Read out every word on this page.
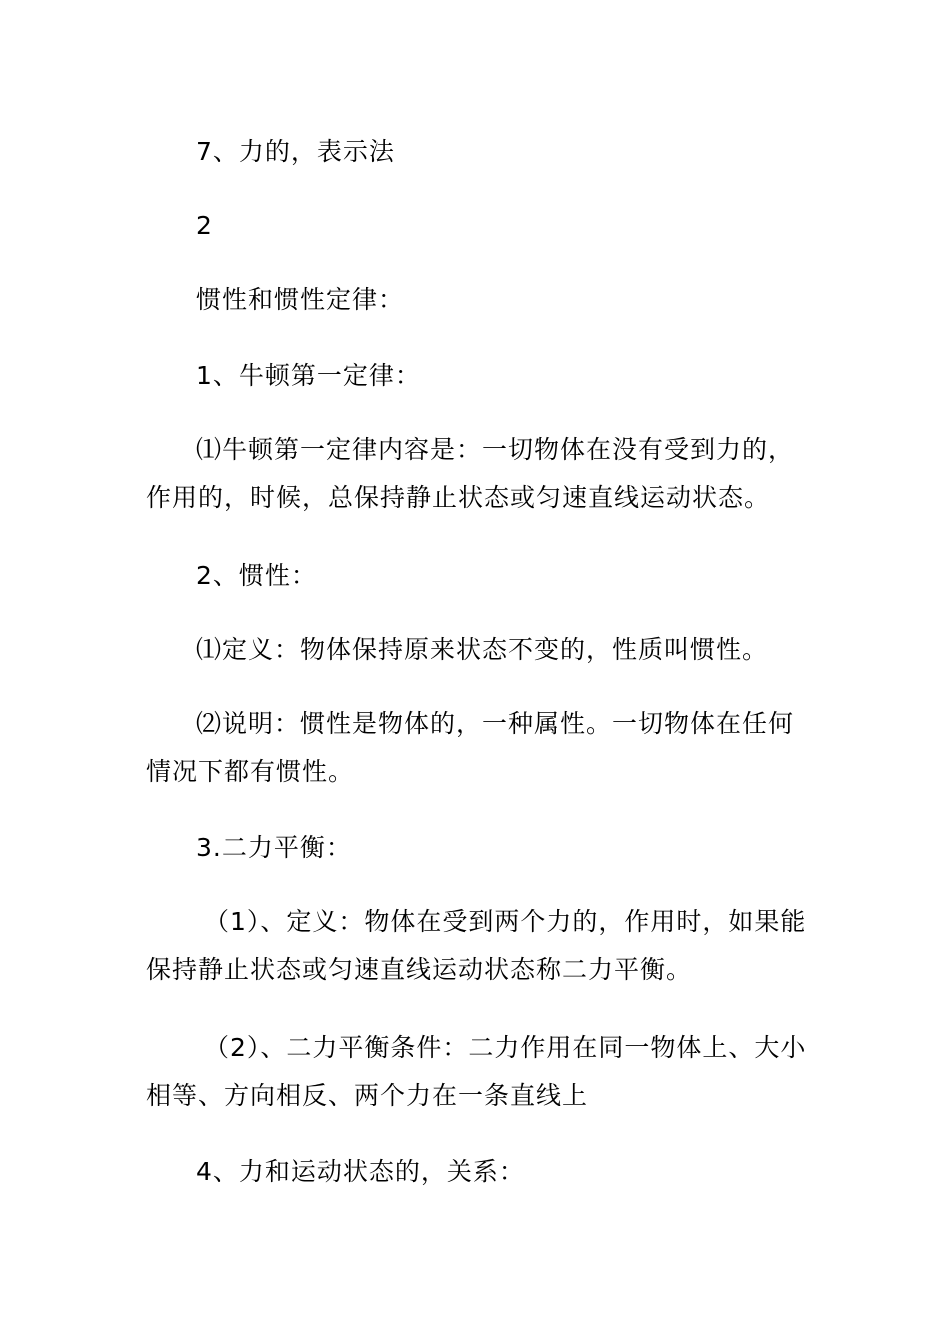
7、力的，表示法
2
惯性和惯性定律：
1、牛顿第一定律：
⑴牛顿第一定律内容是：一切物体在没有受到力的，
作用的，时候，总保持静止状态或匀速直线运动状态。
2、惯性：
⑴定义：物体保持原来状态不变的，性质叫惯性。
⑵说明：惯性是物体的，一种属性。一切物体在任何
情况下都有惯性。
3.二力平衡：
（1）、定义：物体在受到两个力的，作用时，如果能
保持静止状态或匀速直线运动状态称二力平衡。
（2）、二力平衡条件：二力作用在同一物体上、大小
相等、方向相反、两个力在一条直线上
4、力和运动状态的，关系：
